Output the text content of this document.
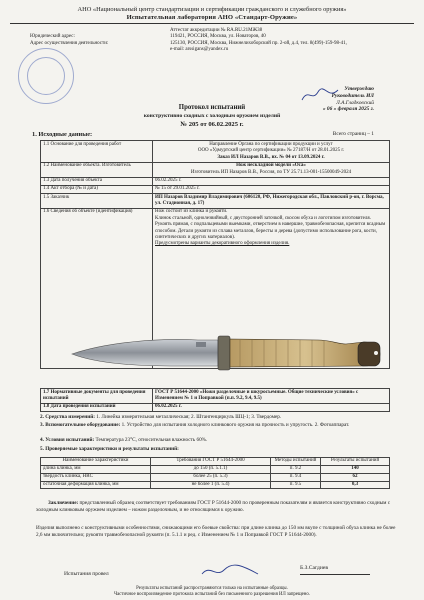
АНО «Национальный центр стандартизации и сертификации гражданского и служебного оружия»
Испытательная лаборатория АНО «Стандарт-Оружие»
Аттестат аккредитации № RA.RU.21МЖ38
Юридический адрес:	119421, РОССИЯ, Москва, ул. Новаторов, 40
Адрес осуществления деятельности:	125130, РОССИЯ, Москва, Нижнелихоборский пр. 2-ой, д.4, тел. 8(499)-159-98-41,
e-mail: arssigans@yandex.ru
Утверждаю
Руководитель ИЛ
Л.А.Гладковский
« 06 » февраля 2025 г.
Протокол испытаний
конструктивно сходных с холодным оружием изделий
№ 205 от 06.02.2025 г.
1. Исходные данные:	Всего страниц – 1
1.1 Основание для проведения работ	Направление Органа по сертификации продукции и услуг
ООО «Удмуртский центр сертификации» № 27187/Н от 28.01.2025 г.
Заказ ИЛ Назаров В.В., вх. № 04 от 13.09.2024 г.

1.2 Наименование объекта. Изготовитель	Нож нескладной модели «Оса»
Изготовитель ИП Назаров В.В., Россия, по ТУ 25.71.13-001-15500049-2024

1.3 Дата получения объекта	06.02.2025 г.
1.4 Акт отбора (№ и дата)	№ 15 от 29.01.2025 г.
1.5 Заказчик	ИП Назаров Владимир Владимирович (606120, РФ, Нижегородская обл., Павловский р-он, г. Ворсма, ул. Стадионная, д. 17)
1.6 Сведения об объекте (идентификация)	Нож состоит из клинка и рукояти.
Клинок стальной, однолезвийный, с двусторонней заточкой, скосом обуха и логотипом изготовителя.
Рукоять прямая, с подпальцевыми выемками, отверстием в навершие, травмобезопасная, крепится всадным способом. Детали рукояти из сплава металлов, бересты и дерева (допустимо использование рога, кости, синтетических и других материалов).
Предусмотрены варианты декоративного оформления изделия.
1.7 Нормативные документы для проведения испытаний	ГОСТ Р 51644-2000 «Ножи разделочные и шкуросъемные. Общие технические условия» с Изменением № 1 и Поправкой (п.п. 9.2, 9.4, 9.5)
1.8 Дата проведения испытаний	06.02.2025 г.
2. Средства измерений: 1. Линейка измерительная металлическая; 2. Штангенциркуль ШЦ-1; 3. Твердомер.
3. Вспомогательное оборудование: 1. Устройство для испытания холодного клинкового оружия на прочность и упругость. 2. Фотоаппарат.
4. Условия испытаний: Температура 23°С, относительная влажность 60%.
5. Проверяемые характеристики и результаты испытаний:
Наименование характеристики	Требования ГОСТ Р 51644-2000	Методы испытаний	Результаты испытаний
длина клинка, мм	до 150 (п. 5.1.1)	п. 9.2	140
твердость клинка, HRC	более 25 (п. 5.3)	п. 9.4	62
остаточная деформация клинка, мм	не более 1 (п. 5.4)	п. 9.5	0,3
Заключение: представленный образец соответствует требованиям ГОСТ Р 51644-2000 по проверенным показателям и является конструктивно сходным с холодным клинковым оружием изделием – ножом разделочным, и не относящимся к оружию.
Изделия выполнено с конструктивными особенностями, снижающими его боевые свойства: при длине клинка до 150 мм вкупе с толщиной обуха клинка не более 2,6 мм включительно; рукояти травмобезопасной рукояти (п. 5.1.1 и ред. с Изменением № 1 и Поправкой ГОСТ Р 51644-2000).
Испытания провел
Б.З.Сагдиев
Результаты испытаний распространяются только на испытанные образцы.
Частичное воспроизведение протокола испытаний без письменного разрешения ИЛ запрещено.
